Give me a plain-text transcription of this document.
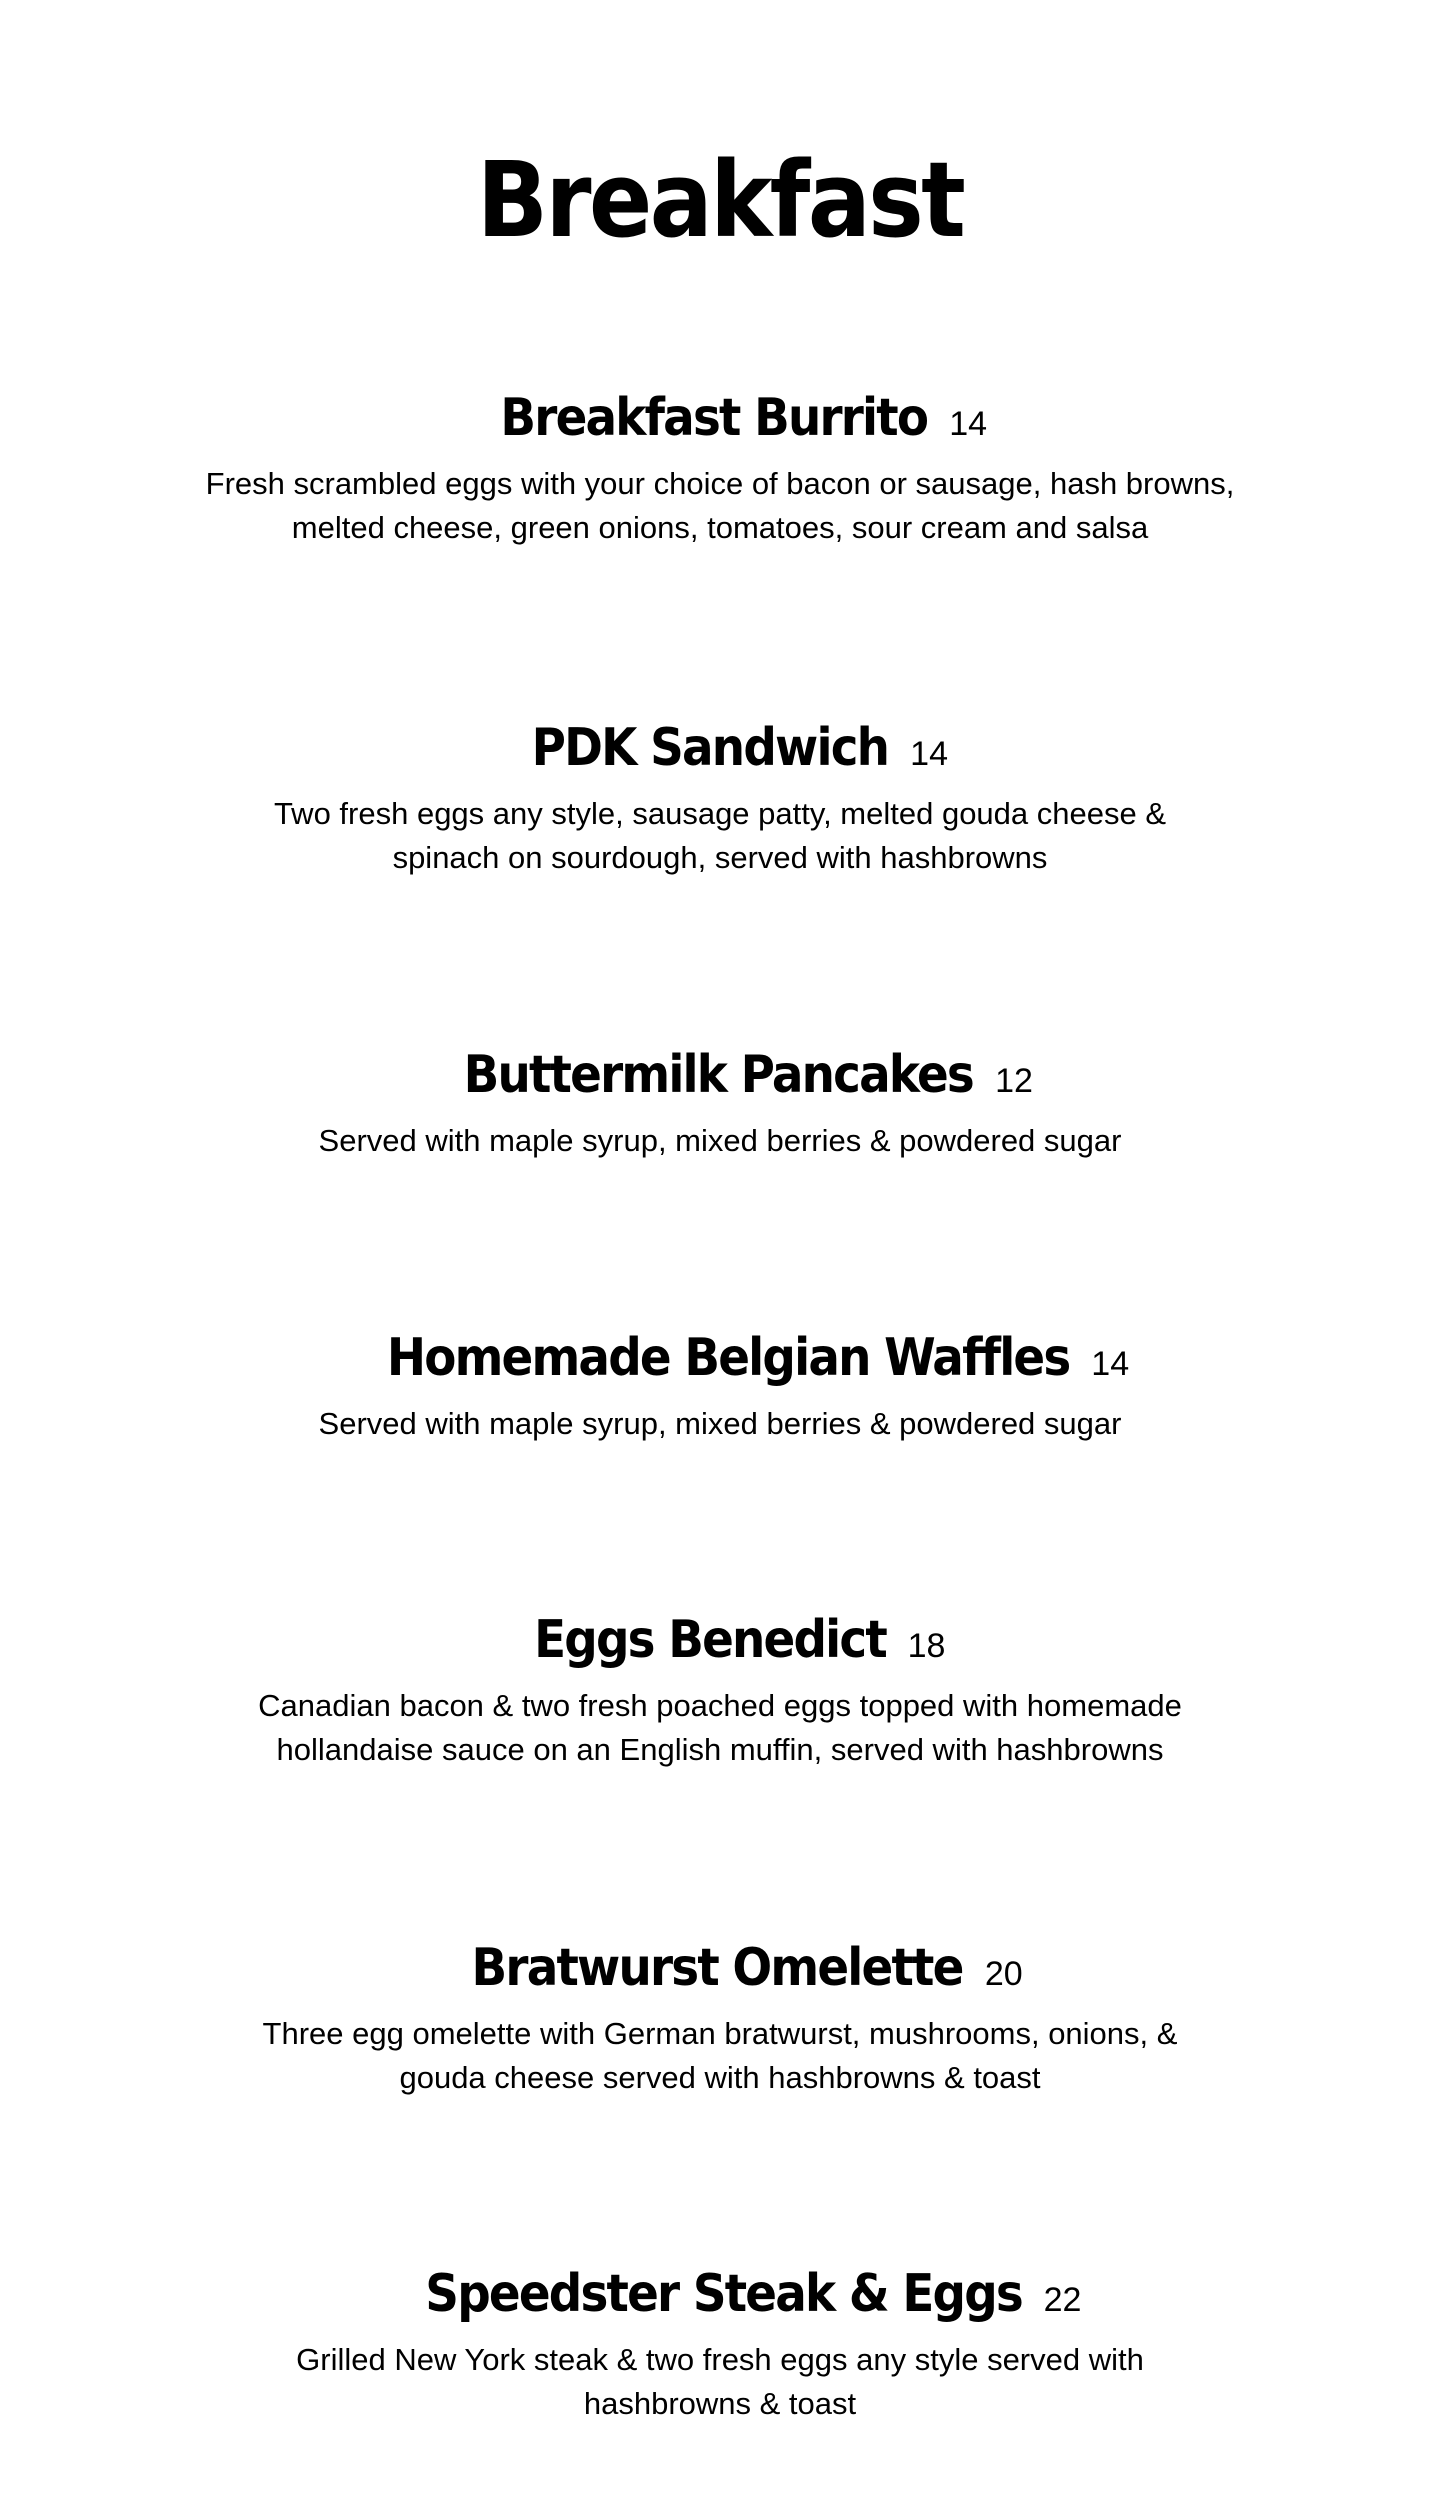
Breakfast
Breakfast Burrito 14
Fresh scrambled eggs with your choice of bacon or sausage, hash browns,
melted cheese, green onions, tomatoes, sour cream and salsa
PDK Sandwich 14
Two fresh eggs any style, sausage patty, melted gouda cheese &
spinach on sourdough, served with hashbrowns
Buttermilk Pancakes 12
Served with maple syrup, mixed berries & powdered sugar
Homemade Belgian Waffles 14
Served with maple syrup, mixed berries & powdered sugar
Eggs Benedict 18
Canadian bacon & two fresh poached eggs topped with homemade
hollandaise sauce on an English muffin, served with hashbrowns
Bratwurst Omelette 20
Three egg omelette with German bratwurst, mushrooms, onions, &
gouda cheese served with hashbrowns & toast
Speedster Steak & Eggs 22
Grilled New York steak & two fresh eggs any style served with
hashbrowns & toast
